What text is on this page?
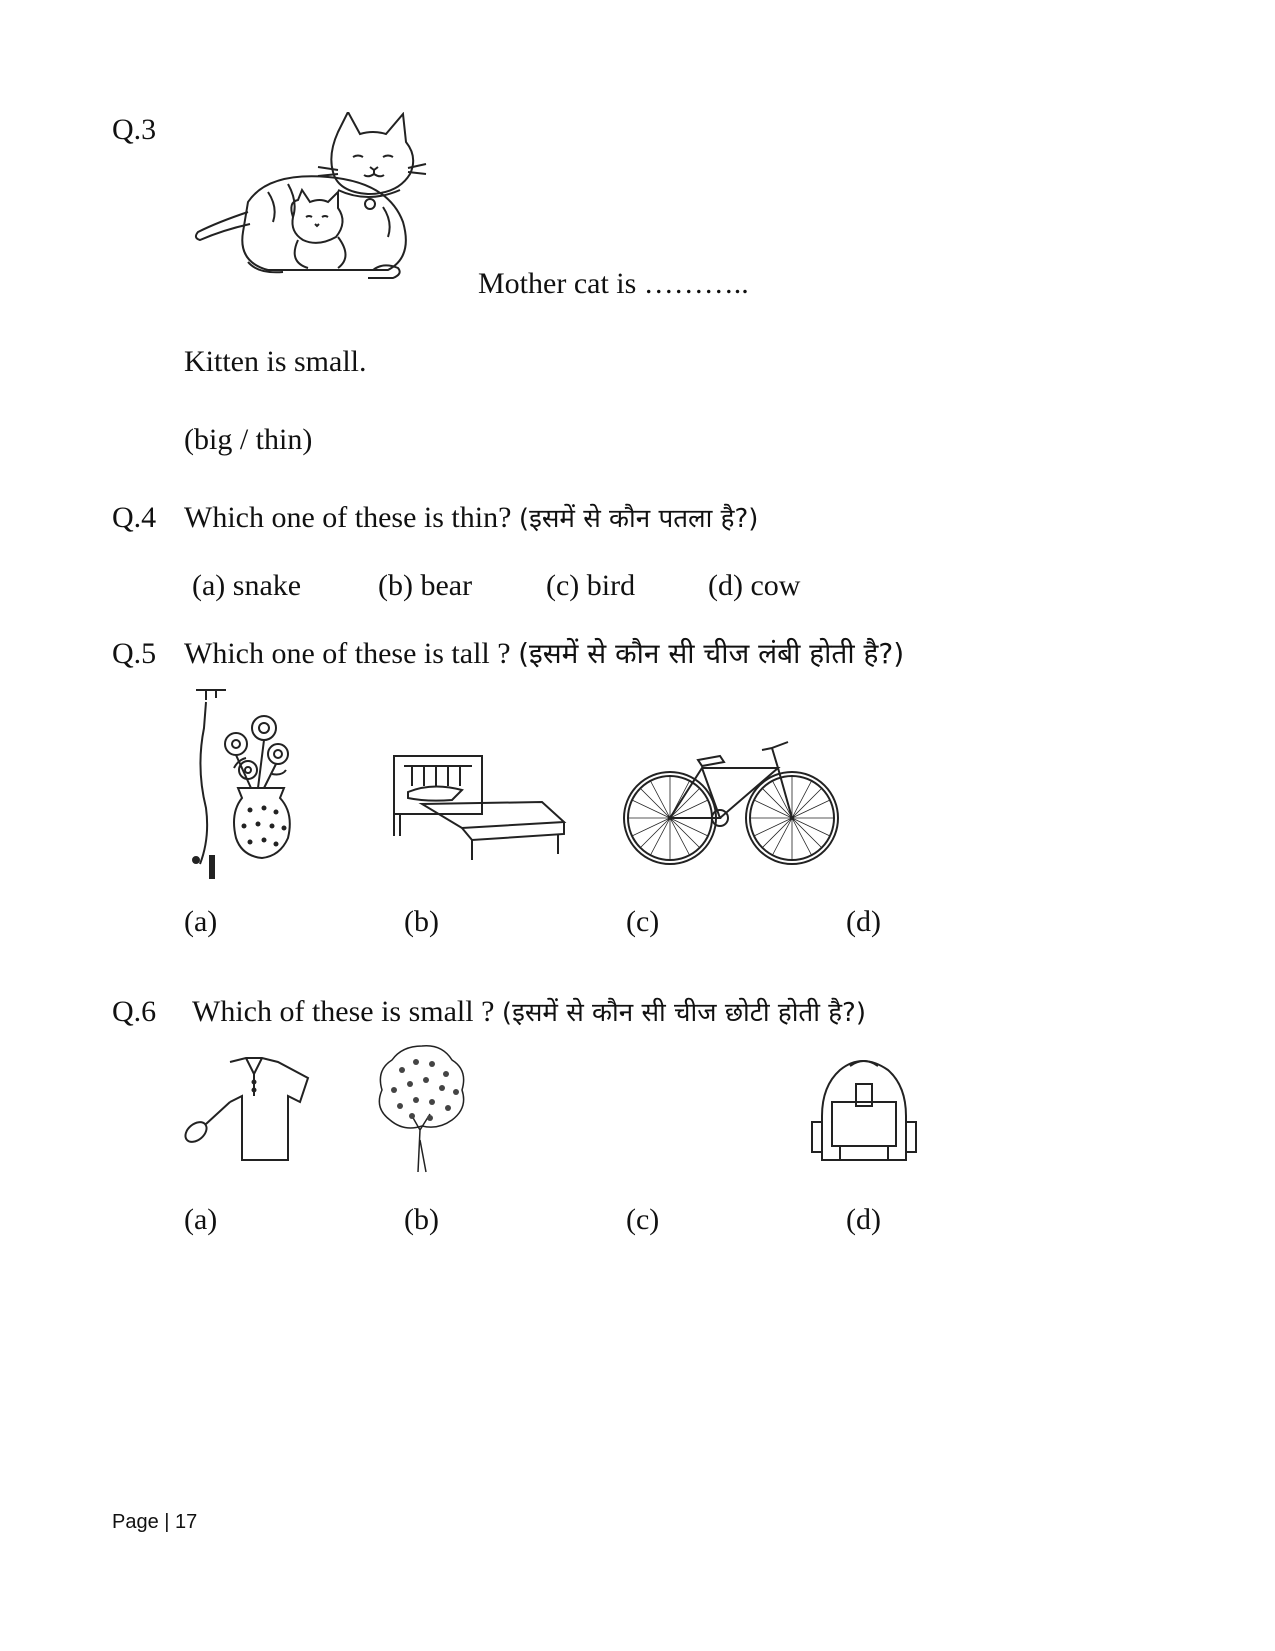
Q.3
Mother cat is ………..
Kitten is small.
(big / thin)
Q.4 Which one of these is thin? (इसमें से कौन पतला है?)
(a) snake	(b) bear (c) bird (d) cow
Q.5 Which one of these is tall ? (इसमें से कौन सी चीज लंबी होती है?)
(a)	(b)	(c)	(d)
Q.6 Which of these is small ? (इसमें से कौन सी चीज छोटी होती है?)
(a)	(b)	(c)	(d)
Page | 17
